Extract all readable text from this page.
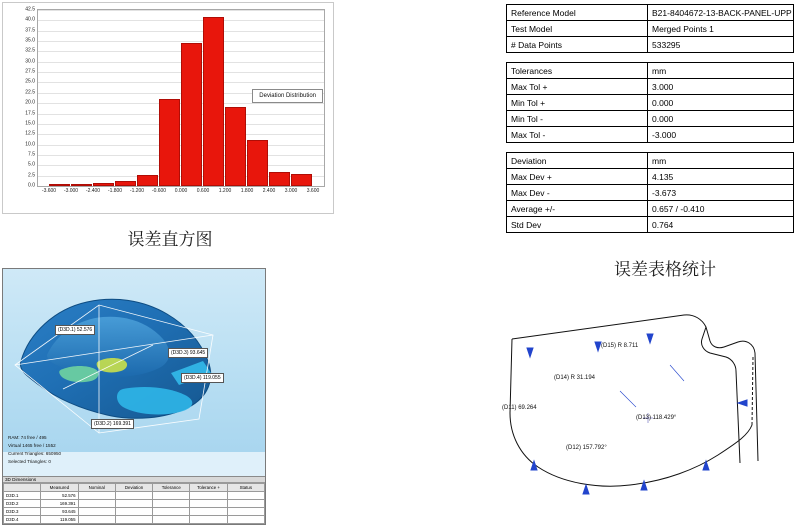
0.0
2.5
5.0
7.5
10.0
12.5
15.0
17.5
20.0
22.5
25.0
27.5
30.0
32.5
35.0
37.5
40.0
42.5
-3.600 -3.000 -2.400 -1.800 -1.200 -0.600 0.000 0.600 1.200 1.800 2.400 3.000 3.600
Deviation Distribution
误差直方图
Reference Model	B21-8404672-13-BACK-PANEL-UPP
Test Model	Merged Points 1
# Data Points	533295
Tolerances	mm
Max Tol +	3.000
Min Tol +	0.000
Min Tol -	0.000
Max Tol -	-3.000
Deviation	mm
Max Dev +	4.135
Max Dev -	-3.673
Average +/-	0.657 / -0.410
Std Dev	0.764
误差表格统计
(D3D.1) 52.576
(D3D.3) 93.645
(D3D.4) 119.055
(D3D.2) 169.391
RAM: 74 free / 495
Virtual 1465 free / 1552
Current Triangles: 650950
Selected Triangles: 0
3D Dimensions
	Measured	Nominal	Deviation	Tolerance	Tolerance +	Status
D3D.1	52.576					
D3D.2	169.391					
D3D.3	93.645					
D3D.4	119.055					
(D15) R 8.711
(D14) R 31.194
(D11) 69.264
(D13) 118.429°
(D12) 157.792°
